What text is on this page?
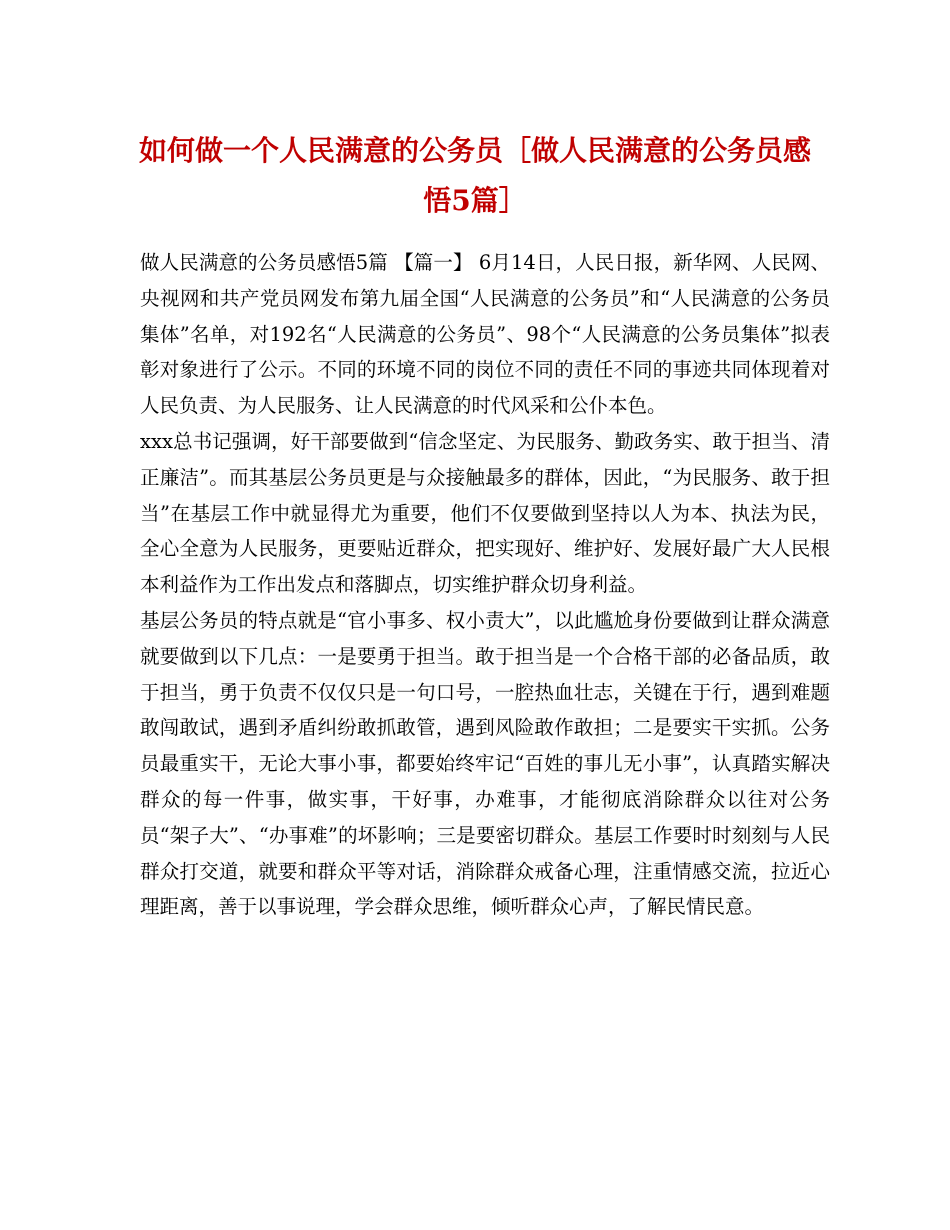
如何做一个人民满意的公务员［做人民满意的公务员感
悟5篇］

做人民满意的公务员感悟5篇 【篇一】 6月14日，人民日报，新华网、人民网、央视网和共产党员网发布第九届全国“人民满意的公务员”和“人民满意的公务员集体”名单，对192名“人民满意的公务员”、98个“人民满意的公务员集体”拟表彰对象进行了公示。不同的环境不同的岗位不同的责任不同的事迹共同体现着对人民负责、为人民服务、让人民满意的时代风采和公仆本色。

xxx总书记强调，好干部要做到“信念坚定、为民服务、勤政务实、敢于担当、清正廉洁”。而其基层公务员更是与众接触最多的群体，因此，“为民服务、敢于担当”在基层工作中就显得尤为重要，他们不仅要做到坚持以人为本、执法为民，全心全意为人民服务，更要贴近群众，把实现好、维护好、发展好最广大人民根本利益作为工作出发点和落脚点，切实维护群众切身利益。

基层公务员的特点就是“官小事多、权小责大”，以此尴尬身份要做到让群众满意就要做到以下几点：一是要勇于担当。敢于担当是一个合格干部的必备品质，敢于担当，勇于负责不仅仅只是一句口号，一腔热血壮志，关键在于行，遇到难题敢闯敢试，遇到矛盾纠纷敢抓敢管，遇到风险敢作敢担；二是要实干实抓。公务员最重实干，无论大事小事，都要始终牢记“百姓的事儿无小事”，认真踏实解决群众的每一件事，做实事，干好事，办难事，才能彻底消除群众以往对公务员“架子大”、“办事难”的坏影响；三是要密切群众。基层工作要时时刻刻与人民群众打交道，就要和群众平等对话，消除群众戒备心理，注重情感交流，拉近心理距离，善于以事说理，学会群众思维，倾听群众心声，了解民情民意。
